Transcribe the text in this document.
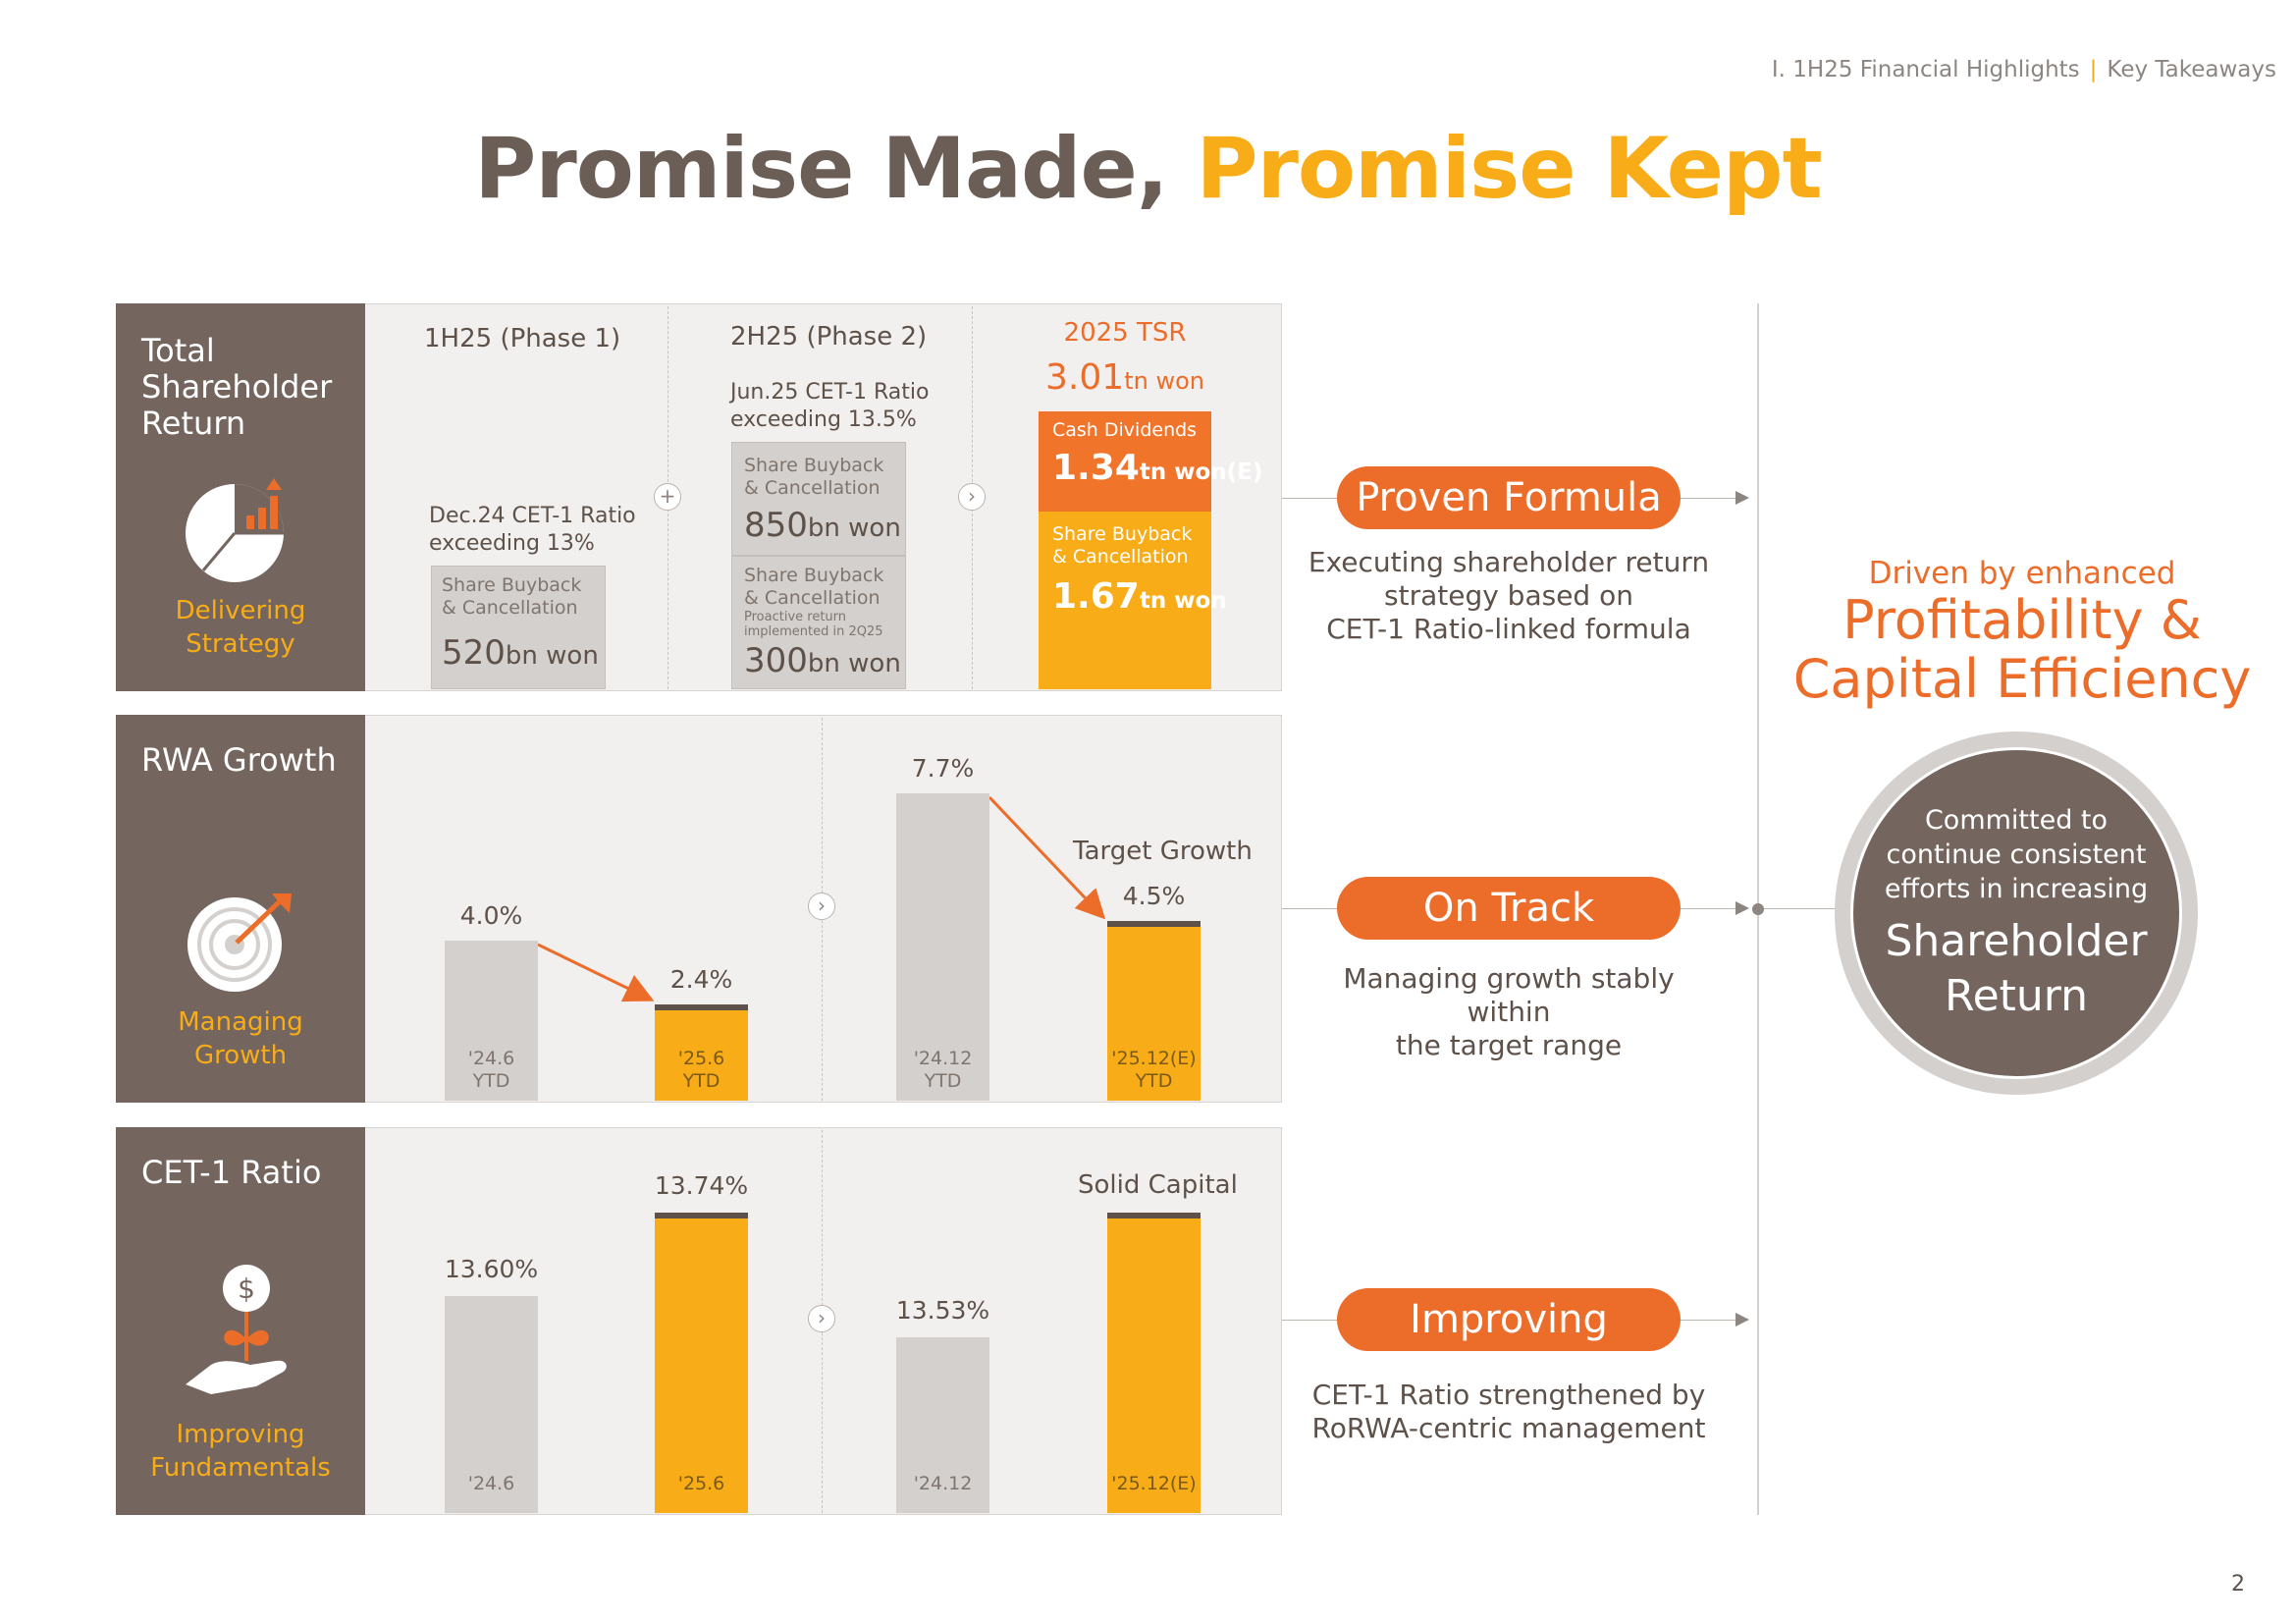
Ⅰ. 1H25 Financial Highlights | Key Takeaways
Promise Made, Promise Kept
Total
Shareholder
Return
Delivering
Strategy
+	›
1H25 (Phase 1)
Dec.24 CET-1 Ratio
exceeding 13%
Share Buyback
& Cancellation
520bn won
2H25 (Phase 2)
Jun.25 CET-1 Ratio
exceeding 13.5%
Share Buyback
& Cancellation
850bn won
Share Buyback
& Cancellation
Proactive return
implemented in 2Q25
300bn won
2025 TSR
3.01tn won
Cash Dividends
1.34tn won(E)
Share Buyback
& Cancellation
1.67tn won
RWA Growth
Managing
Growth
›
'24.6
YTD
4.0%
'25.6
YTD
2.4%
'24.12
YTD
7.7%
'25.12(E)
YTD
4.5%
Target Growth
CET-1 Ratio
$
Improving
Fundamentals
›
'24.6
13.60%
'25.6
13.74%
'24.12
13.53%
'25.12(E)
Solid Capital
Proven Formula
Executing shareholder return
strategy based on
CET-1 Ratio-linked formula
On Track
Managing growth stably within
the target range
Improving
CET-1 Ratio strengthened by
RoRWA-centric management
Driven by enhanced
Profitability &
Capital Efficiency
Committed to
continue consistent
efforts in increasing
Shareholder
Return
2
